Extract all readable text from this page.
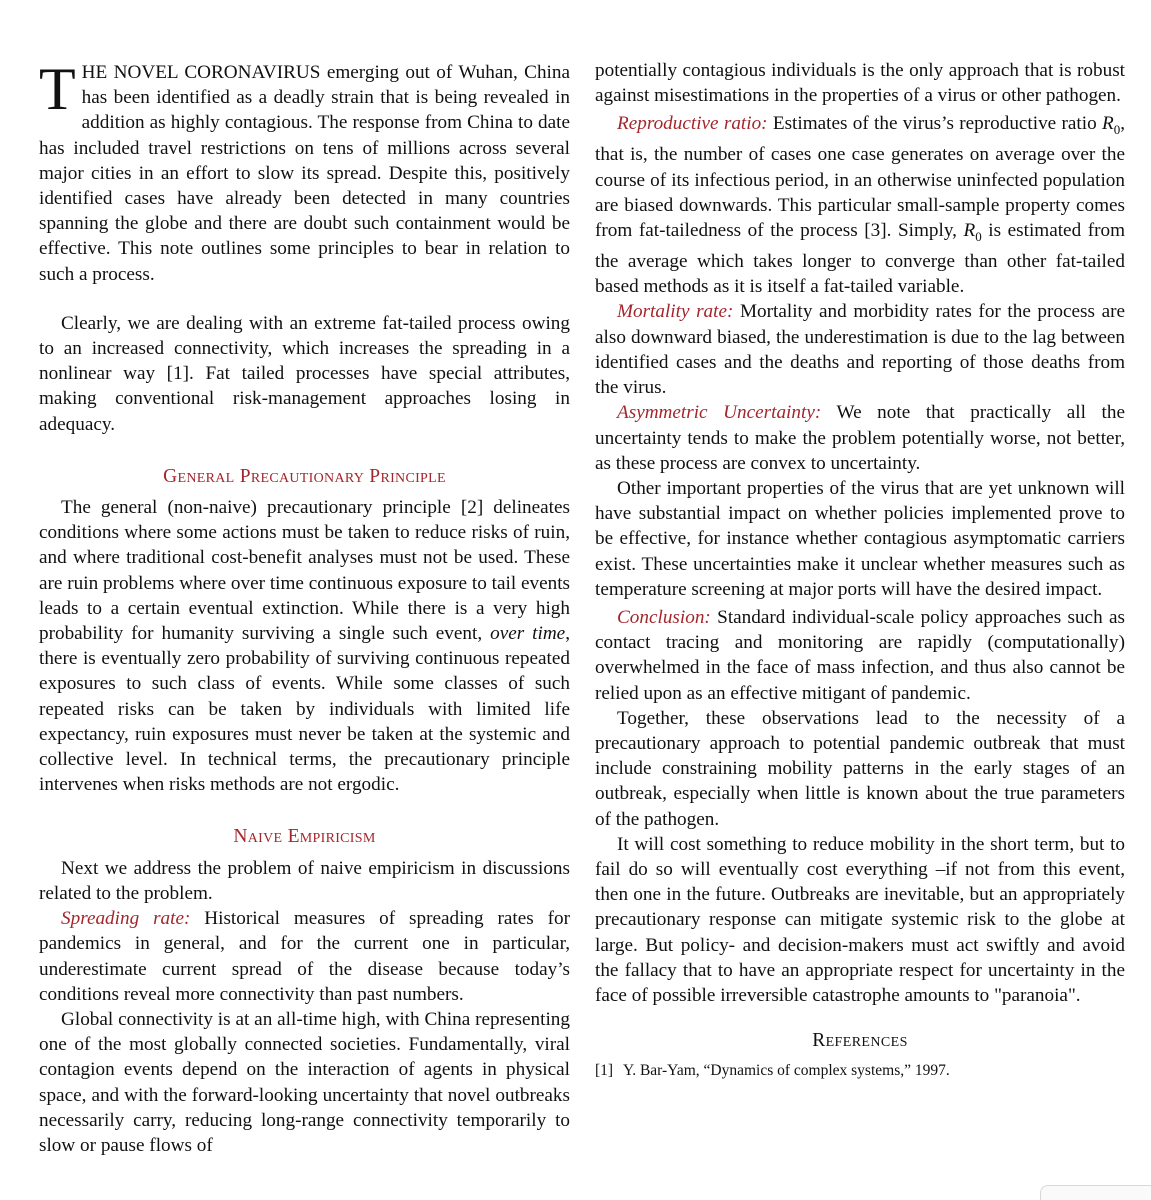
THE NOVEL CORONAVIRUS emerging out of Wuhan, China has been identified as a deadly strain that is being revealed in addition as highly contagious. The response from China to date has included travel restrictions on tens of millions across several major cities in an effort to slow its spread. Despite this, positively identified cases have already been detected in many countries spanning the globe and there are doubt such containment would be effective. This note outlines some principles to bear in relation to such a process.

Clearly, we are dealing with an extreme fat-tailed process owing to an increased connectivity, which increases the spreading in a nonlinear way [1]. Fat tailed processes have special attributes, making conventional risk-management approaches losing in adequacy.

General Precautionary Principle

The general (non-naive) precautionary principle [2] delineates conditions where some actions must be taken to reduce risks of ruin, and where traditional cost-benefit analyses must not be used. These are ruin problems where over time continuous exposure to tail events leads to a certain eventual extinction. While there is a very high probability for humanity surviving a single such event, over time, there is eventually zero probability of surviving continuous repeated exposures to such class of events. While some classes of such repeated risks can be taken by individuals with limited life expectancy, ruin exposures must never be taken at the systemic and collective level. In technical terms, the precautionary principle intervenes when risks methods are not ergodic.

Naive Empiricism

Next we address the problem of naive empiricism in discussions related to the problem.

Spreading rate: Historical measures of spreading rates for pandemics in general, and for the current one in particular, underestimate current spread of the disease because today’s conditions reveal more connectivity than past numbers.

Global connectivity is at an all-time high, with China representing one of the most globally connected societies. Fundamentally, viral contagion events depend on the interaction of agents in physical space, and with the forward-looking uncertainty that novel outbreaks necessarily carry, reducing long-range connectivity temporarily to slow or pause flows of

potentially contagious individuals is the only approach that is robust against misestimations in the properties of a virus or other pathogen.

Reproductive ratio: Estimates of the virus’s reproductive ratio $R_0$, that is, the number of cases one case generates on average over the course of its infectious period, in an otherwise uninfected population are biased downwards. This particular small-sample property comes from fat-tailedness of the process [3]. Simply, $R_0$ is estimated from the average which takes longer to converge than other fat-tailed based methods as it is itself a fat-tailed variable.

Mortality rate: Mortality and morbidity rates for the process are also downward biased, the underestimation is due to the lag between identified cases and the deaths and reporting of those deaths from the virus.

Asymmetric Uncertainty: We note that practically all the uncertainty tends to make the problem potentially worse, not better, as these process are convex to uncertainty.

Other important properties of the virus that are yet unknown will have substantial impact on whether policies implemented prove to be effective, for instance whether contagious asymptomatic carriers exist. These uncertainties make it unclear whether measures such as temperature screening at major ports will have the desired impact.

Conclusion: Standard individual-scale policy approaches such as contact tracing and monitoring are rapidly (computationally) overwhelmed in the face of mass infection, and thus also cannot be relied upon as an effective mitigant of pandemic.

Together, these observations lead to the necessity of a precautionary approach to potential pandemic outbreak that must include constraining mobility patterns in the early stages of an outbreak, especially when little is known about the true parameters of the pathogen.

It will cost something to reduce mobility in the short term, but to fail do so will eventually cost everything –if not from this event, then one in the future. Outbreaks are inevitable, but an appropriately precautionary response can mitigate systemic risk to the globe at large. But policy- and decision-makers must act swiftly and avoid the fallacy that to have an appropriate respect for uncertainty in the face of possible irreversible catastrophe amounts to "paranoia".

References

[1] Y. Bar-Yam, “Dynamics of complex systems,” 1997.
